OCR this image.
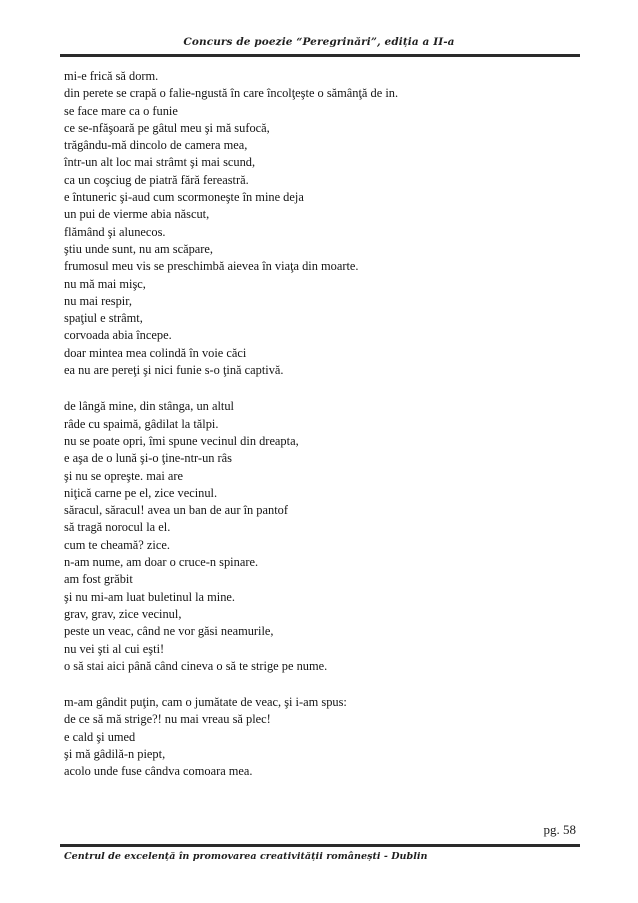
Concurs de poezie “Peregrinări”, ediția a II-a
mi-e frică să dorm.
din perete se crapă o falie-ngustă în care încolţeşte o sămânţă de in.
se face mare ca o funie
ce se-nfăşoară pe gâtul meu şi mă sufocă,
trăgându-mă dincolo de camera mea,
într-un alt loc mai strâmt şi mai scund,
ca un coşciug de piatră fără fereastră.
e întuneric şi-aud cum scormoneşte în mine deja
un pui de vierme abia născut,
flămând şi alunecos.
ştiu unde sunt, nu am scăpare,
frumosul meu vis se preschimbă aievea în viaţa din moarte.
nu mă mai mişc,
nu mai respir,
spaţiul e strâmt,
corvoada abia începe.
doar mintea mea colindă în voie căci
ea nu are pereţi şi nici funie s-o ţină captivă.
de lângă mine, din stânga, un altul
râde cu spaimă, gâdilat la tălpi.
nu se poate opri, îmi spune vecinul din dreapta,
e aşa de o lună şi-o ţine-ntr-un râs
şi nu se opreşte. mai are
niţică carne pe el, zice vecinul.
săracul, săracul! avea un ban de aur în pantof
să tragă norocul la el.
cum te cheamă? zice.
n-am nume, am doar o cruce-n spinare.
am fost grăbit
şi nu mi-am luat buletinul la mine.
grav, grav, zice vecinul,
peste un veac, când ne vor găsi neamurile,
nu vei şti al cui eşti!
o să stai aici până când cineva o să te strige pe nume.
m-am gândit puţin, cam o jumătate de veac, şi i-am spus:
de ce să mă strige?! nu mai vreau să plec!
e cald şi umed
şi mă gâdilă-n piept,
acolo unde fuse cândva comoara mea.
pg. 58
Centrul de excelență în promovarea creativității românești - Dublin
